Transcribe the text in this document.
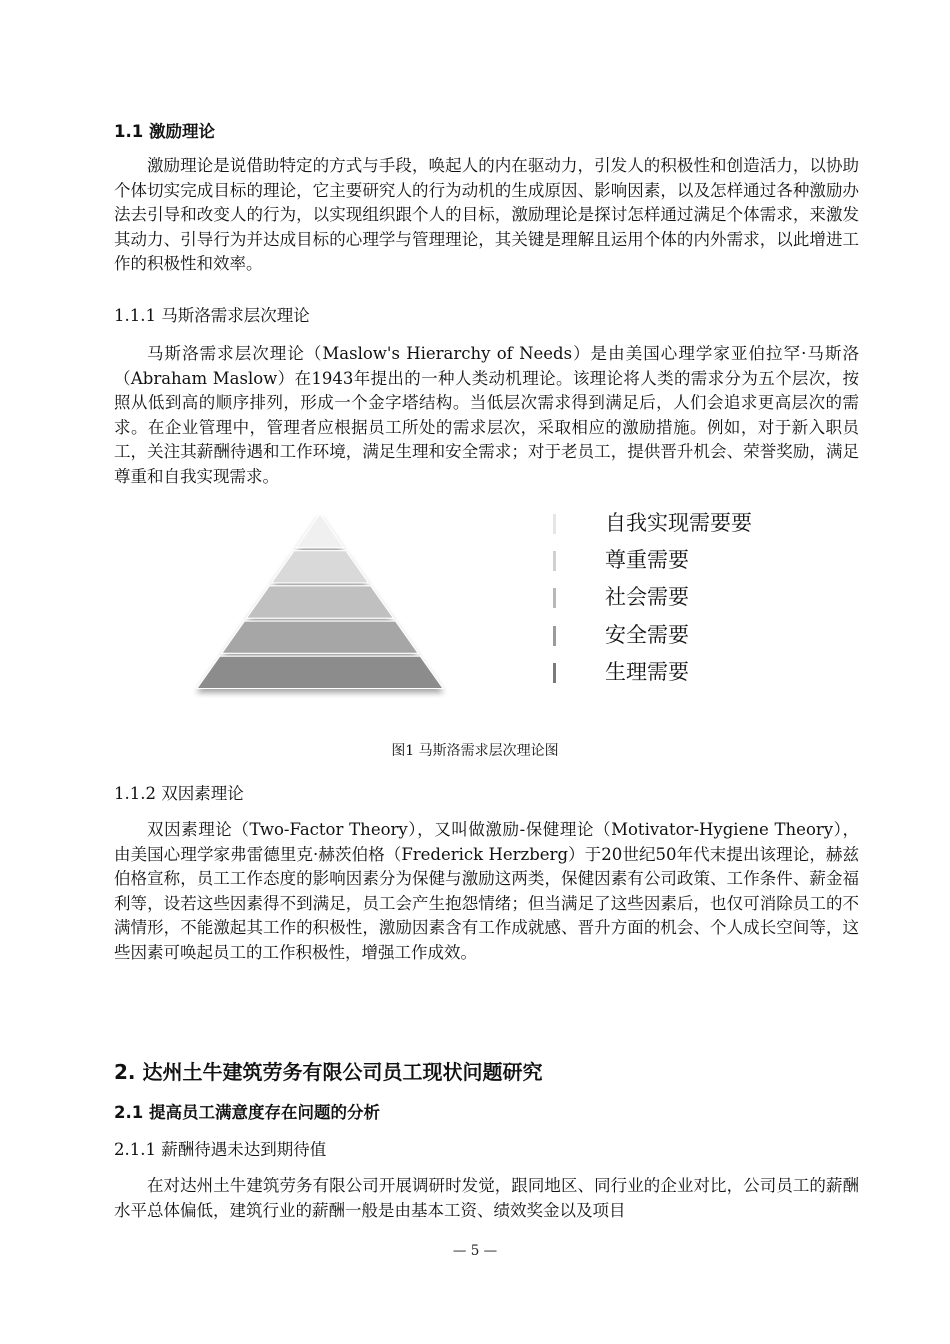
1.1 激励理论

激励理论是说借助特定的方式与手段，唤起人的内在驱动力，引发人的积极性和创造活力，以协助个体切实完成目标的理论，它主要研究人的行为动机的生成原因、影响因素，以及怎样通过各种激励办法去引导和改变人的行为，以实现组织跟个人的目标，激励理论是探讨怎样通过满足个体需求，来激发其动力、引导行为并达成目标的心理学与管理理论，其关键是理解且运用个体的内外需求，以此增进工作的积极性和效率。

1.1.1 马斯洛需求层次理论

马斯洛需求层次理论（Maslow's Hierarchy of Needs）是由美国心理学家亚伯拉罕·马斯洛（Abraham Maslow）在1943年提出的一种人类动机理论。该理论将人类的需求分为五个层次，按照从低到高的顺序排列，形成一个金字塔结构。当低层次需求得到满足后，人们会追求更高层次的需求。在企业管理中，管理者应根据员工所处的需求层次，采取相应的激励措施。例如，对于新入职员工，关注其薪酬待遇和工作环境，满足生理和安全需求；对于老员工，提供晋升机会、荣誉奖励，满足尊重和自我实现需求。

自我实现需要要
尊重需要
社会需要
安全需要
生理需要
图1 马斯洛需求层次理论图
1.1.2 双因素理论

双因素理论（Two-Factor Theory），又叫做激励-保健理论（Motivator-Hygiene Theory），由美国心理学家弗雷德里克·赫茨伯格（Frederick Herzberg）于20世纪50年代末提出该理论，赫兹伯格宣称，员工工作态度的影响因素分为保健与激励这两类，保健因素有公司政策、工作条件、薪金福利等，设若这些因素得不到满足，员工会产生抱怨情绪；但当满足了这些因素后，也仅可消除员工的不满情形，不能激起其工作的积极性，激励因素含有工作成就感、晋升方面的机会、个人成长空间等，这些因素可唤起员工的工作积极性，增强工作成效。

2. 达州土牛建筑劳务有限公司员工现状问题研究
2.1 提高员工满意度存在问题的分析
2.1.1 薪酬待遇未达到期待值

在对达州土牛建筑劳务有限公司开展调研时发觉，跟同地区、同行业的企业对比，公司员工的薪酬水平总体偏低，建筑行业的薪酬一般是由基本工资、绩效奖金以及项目

— 5 —
